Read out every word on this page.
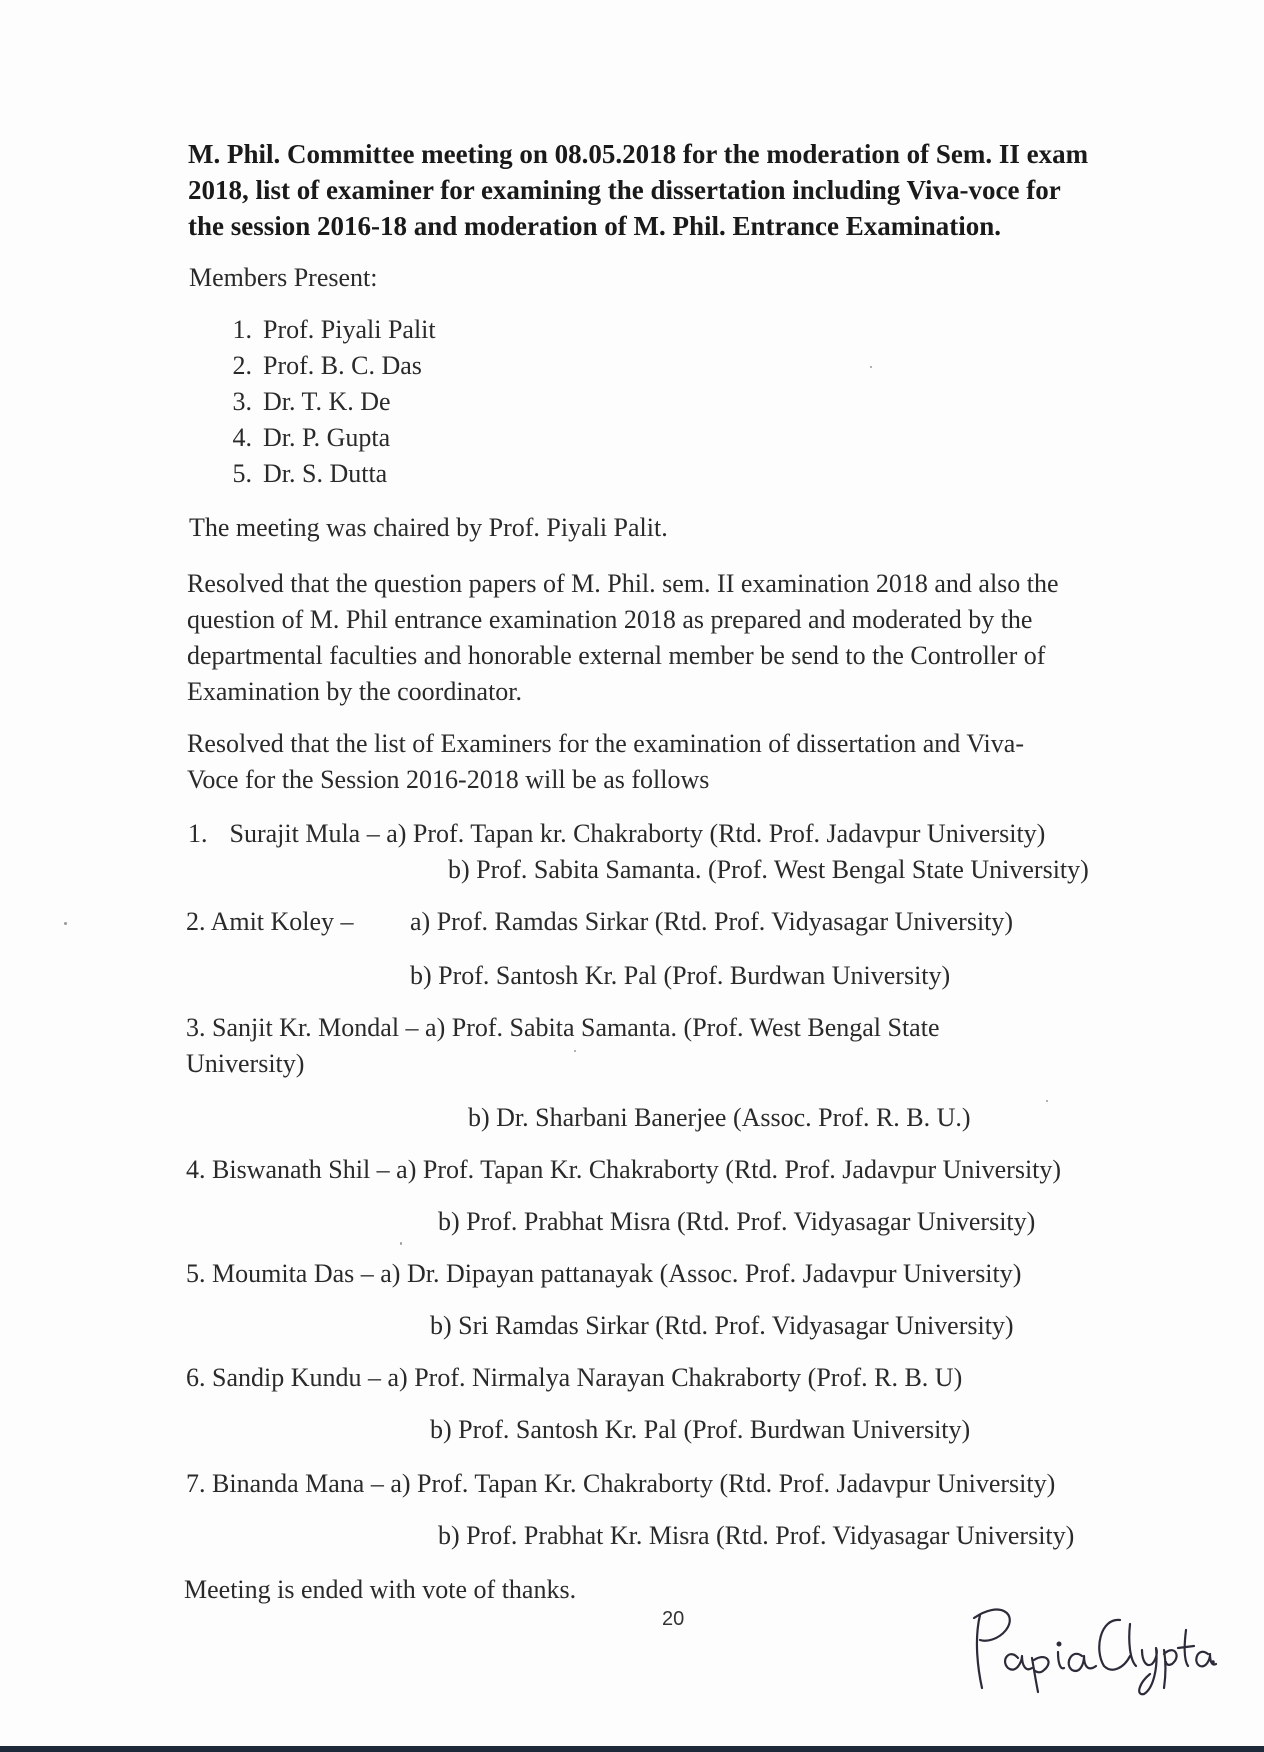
M. Phil. Committee meeting on 08.05.2018 for the moderation of Sem. II exam
2018, list of examiner for examining the dissertation including Viva-voce for
the session 2016-18 and moderation of M. Phil. Entrance Examination.
Members Present:
1. Prof. Piyali Palit
2. Prof. B. C. Das
3. Dr. T. K. De
4. Dr. P. Gupta
5. Dr. S. Dutta
The meeting was chaired by Prof. Piyali Palit.
Resolved that the question papers of M. Phil. sem. II examination 2018 and also the
question of M. Phil entrance examination 2018 as prepared and moderated by the
departmental faculties and honorable external member be send to the Controller of
Examination by the coordinator.
Resolved that the list of Examiners for the examination of dissertation and Viva-
Voce for the Session 2016-2018 will be as follows
1. Surajit Mula – a) Prof. Tapan kr. Chakraborty (Rtd. Prof. Jadavpur University)
b) Prof. Sabita Samanta. (Prof. West Bengal State University)
2. Amit Koley – a) Prof. Ramdas Sirkar (Rtd. Prof. Vidyasagar University)
b) Prof. Santosh Kr. Pal (Prof. Burdwan University)
3. Sanjit Kr. Mondal – a) Prof. Sabita Samanta. (Prof. West Bengal State
University)
b) Dr. Sharbani Banerjee (Assoc. Prof. R. B. U.)
4. Biswanath Shil – a) Prof. Tapan Kr. Chakraborty (Rtd. Prof. Jadavpur University)
b) Prof. Prabhat Misra (Rtd. Prof. Vidyasagar University)
5. Moumita Das – a) Dr. Dipayan pattanayak (Assoc. Prof. Jadavpur University)
b) Sri Ramdas Sirkar (Rtd. Prof. Vidyasagar University)
6. Sandip Kundu – a) Prof. Nirmalya Narayan Chakraborty (Prof. R. B. U)
b) Prof. Santosh Kr. Pal (Prof. Burdwan University)
7. Binanda Mana – a) Prof. Tapan Kr. Chakraborty (Rtd. Prof. Jadavpur University)
b) Prof. Prabhat Kr. Misra (Rtd. Prof. Vidyasagar University)
Meeting is ended with vote of thanks.
20
